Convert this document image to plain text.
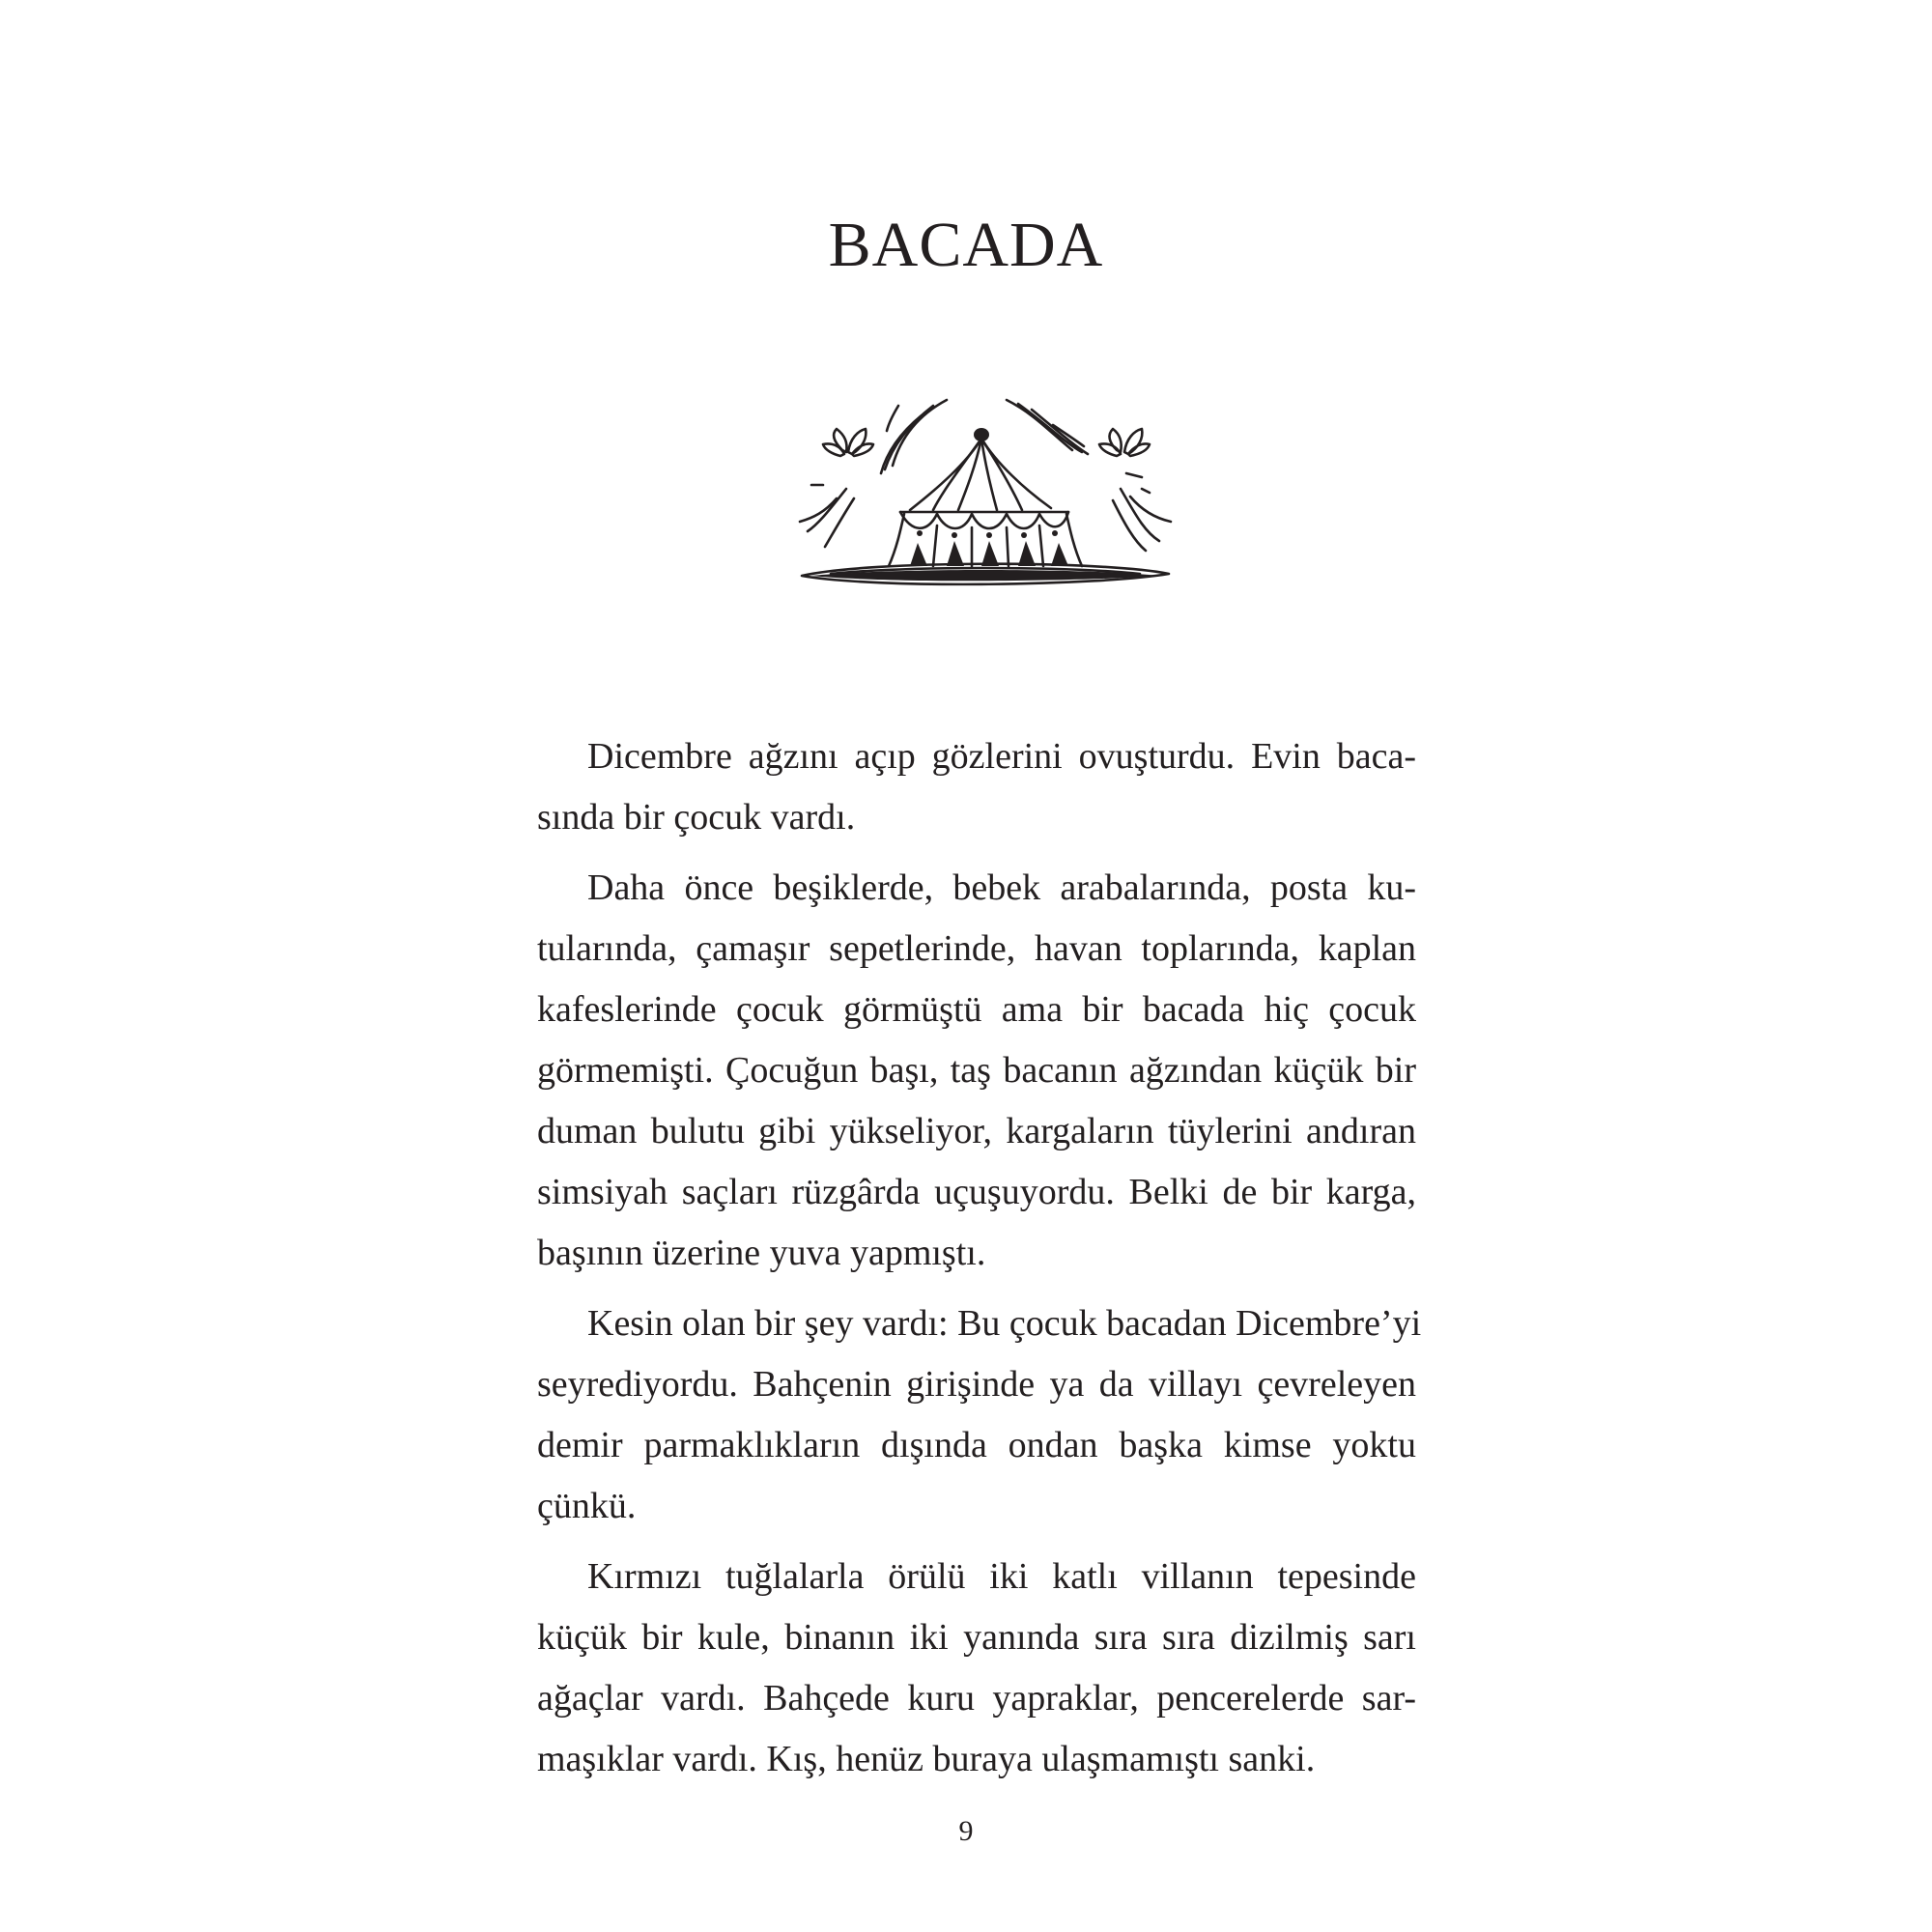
BACADA

Dicembre ağzını açıp gözlerini ovuşturdu. Evin baca-
sında bir çocuk vardı.

Daha önce beşiklerde, bebek arabalarında, posta ku-
tularında, çamaşır sepetlerinde, havan toplarında, kaplan
kafeslerinde çocuk görmüştü ama bir bacada hiç çocuk
görmemişti. Çocuğun başı, taş bacanın ağzından küçük bir
duman bulutu gibi yükseliyor, kargaların tüylerini andıran
simsiyah saçları rüzgârda uçuşuyordu. Belki de bir karga,
başının üzerine yuva yapmıştı.

Kesin olan bir şey vardı: Bu çocuk bacadan Dicembre’yi
seyrediyordu. Bahçenin girişinde ya da villayı çevreleyen
demir parmaklıkların dışında ondan başka kimse yoktu
çünkü.

Kırmızı tuğlalarla örülü iki katlı villanın tepesinde
küçük bir kule, binanın iki yanında sıra sıra dizilmiş sarı
ağaçlar vardı. Bahçede kuru yapraklar, pencerelerde sar-
maşıklar vardı. Kış, henüz buraya ulaşmamıştı sanki.

9
